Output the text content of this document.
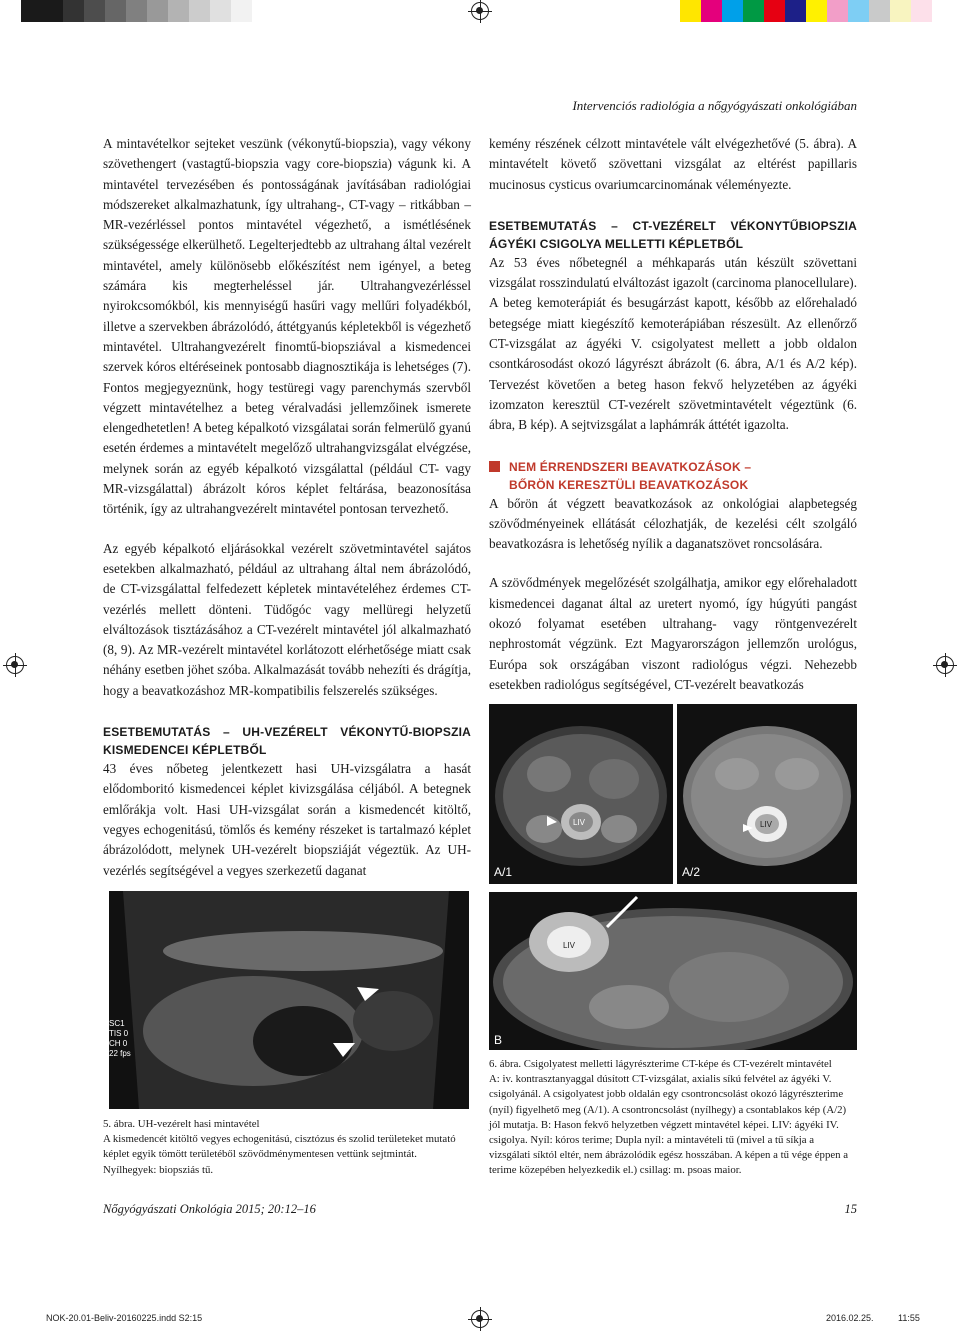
Intervenciós radiológia a nőgyógyászati onkológiában

A mintavételkor sejteket veszünk (vékonytű-biopszia), vagy vékony szövethengert (vastagtű-biopszia vagy core-biopszia) vágunk ki. A mintavétel tervezésében és pontosságának javításában radiológiai módszereket alkalmazhatunk, így ultrahang-, CT-vagy – ritkábban – MR-vezérléssel pontos mintavétel végezhető, a ismétlésének szükségessége elkerülhető. Legelterjedtebb az ultrahang által vezérelt mintavétel, amely különösebb előkészítést nem igényel, a beteg számára kis megterheléssel jár. Ultrahangvezérléssel nyirokcsomókból, kis mennyiségű hasűri vagy mellűri folyadékból, illetve a szervekben ábrázolódó, áttétgyanús képletekből is végezhető mintavétel. Ultrahangvezérelt finomtű-biopsziával a kismedencei szervek kóros eltéréseinek pontosabb diagnosztikája is lehetséges (7). Fontos megjegyeznünk, hogy testüregi vagy parenchymás szervből végzett mintavételhez a beteg véralvadási jellemzőinek ismerete elengedhetetlen! A beteg képalkotó vizsgálatai során felmerülő gyanú esetén érdemes a mintavételt megelőző ultrahangvizsgálat elvégzése, melynek során az egyéb képalkotó vizsgálattal (például CT- vagy MR-vizsgálattal) ábrázolt kóros képlet feltárása, beazonosítása történik, így az ultrahangvezérelt mintavétel pontosan tervezhető.

Az egyéb képalkotó eljárásokkal vezérelt szövetmintavétel sajátos esetekben alkalmazható, például az ultrahang által nem ábrázolódó, de CT-vizsgálattal felfedezett képletek mintavételéhez érdemes CT-vezérlés mellett dönteni. Tüdőgóc vagy mellüregi helyzetű elváltozások tisztázásához a CT-vezérelt mintavétel jól alkalmazható (8, 9). Az MR-vezérelt mintavétel korlátozott elérhetősége miatt csak néhány esetben jöhet szóba. Alkalmazását tovább nehezíti és drágítja, hogy a beavatkozáshoz MR-kompatibilis felszerelés szükséges.

ESETBEMUTATÁS – UH-VEZÉRELT VÉKONYTŰ-BIOPSZIA KISMEDENCEI KÉPLETBŐL

43 éves nőbeteg jelentkezett hasi UH-vizsgálatra a hasát elődomboritó kismedencei képlet kivizsgálása céljából. A betegnek emlőrákja volt. Hasi UH-vizsgálat során a kismedencét kitöltő, vegyes echogenitású, tömlős és kemény részeket is tartalmazó képlet ábrázolódott, melynek UH-vezérelt biopsziáját végeztük. Az UH-vezérlés segítségével a vegyes szerkezetű daganat

kemény részének célzott mintavétele vált elvégezhetővé (5. ábra). A mintavételt követő szövettani vizsgálat az eltérést papillaris mucinosus cysticus ovariumcarcinomának véleményezte.

ESETBEMUTATÁS – CT-VEZÉRELT VÉKONYTŰBIOPSZIA ÁGYÉKI CSIGOLYA MELLETTI KÉPLETBŐL

Az 53 éves nőbetegnél a méhkaparás után készült szövettani vizsgálat rosszindulatú elváltozást igazolt (carcinoma planocellulare). A beteg kemoterápiát és besugárzást kapott, később az előrehaladó betegsége miatt kiegészítő kemoterápiában részesült. Az ellenőrző CT-vizsgálat az ágyéki V. csigolyatest mellett a jobb oldalon csontkárosodást okozó lágyrészt ábrázolt (6. ábra, A/1 és A/2 kép). Tervezést követően a beteg hason fekvő helyzetében az ágyéki izomzaton keresztül CT-vezérelt szövetmintavételt végeztünk (6. ábra, B kép). A sejtvizsgálat a laphámrák áttétét igazolta.

NEM ÉRRENDSZERI BEAVATKOZÁSOK –
BŐRÖN KERESZTÜLI BEAVATKOZÁSOK

A bőrön át végzett beavatkozások az onkológiai alapbetegség szövődményeinek ellátását célozhatják, de kezelési célt szolgáló beavatkozásra is lehetőség nyílik a daganatszövet roncsolására.

A szövődmények megelőzését szolgálhatja, amikor egy előrehaladott kismedencei daganat által az uretert nyomó, így húgyúti pangást okozó folyamat esetében ultrahang- vagy röntgenvezérelt nephrostomát végzünk. Ezt Magyarországon jellemzőn urológus, Európa sok országában viszont radiológus végzi. Nehezebb esetekben radiológus segítségével, CT-vezérelt beavatkozás

A/1
LIV
A/2
LIV
B
LIV
SC1
TIS 0
CH 0
22 fps
5. ábra. UH-vezérelt hasi mintavétel
A kismedencét kitöltő vegyes echogenitású, cisztózus és szolid területeket mutató képlet egyik tömött területéből szövődménymentesen vettünk sejtmintát. Nyílhegyek: biopsziás tű.
6. ábra. Csigolyatest melletti lágyrészterime CT-képe és CT-vezérelt mintavétel
A: iv. kontrasztanyaggal dúsított CT-vizsgálat, axialis síkú felvétel az ágyéki V. csigolyánál. A csigolyatest jobb oldalán egy csontroncsolást okozó lágyrészterime (nyíl) figyelhető meg (A/1). A csontroncsolást (nyílhegy) a csontablakos kép (A/2) jól mutatja. B: Hason fekvő helyzetben végzett mintavétel képei. LIV: ágyéki IV. csigolya. Nyíl: kóros terime; Dupla nyíl: a mintavételi tű (mivel a tű síkja a vizsgálati síktól eltér, nem ábrázolódik egész hosszában. A képen a tű vége éppen a terime közepében helyezkedik el.) csillag: m. psoas maior.
Nőgyógyászati Onkológia 2015; 20:12–16	15
NOK-20.01-Beliv-20160225.indd S2:15	2016.02.25.	11:55
